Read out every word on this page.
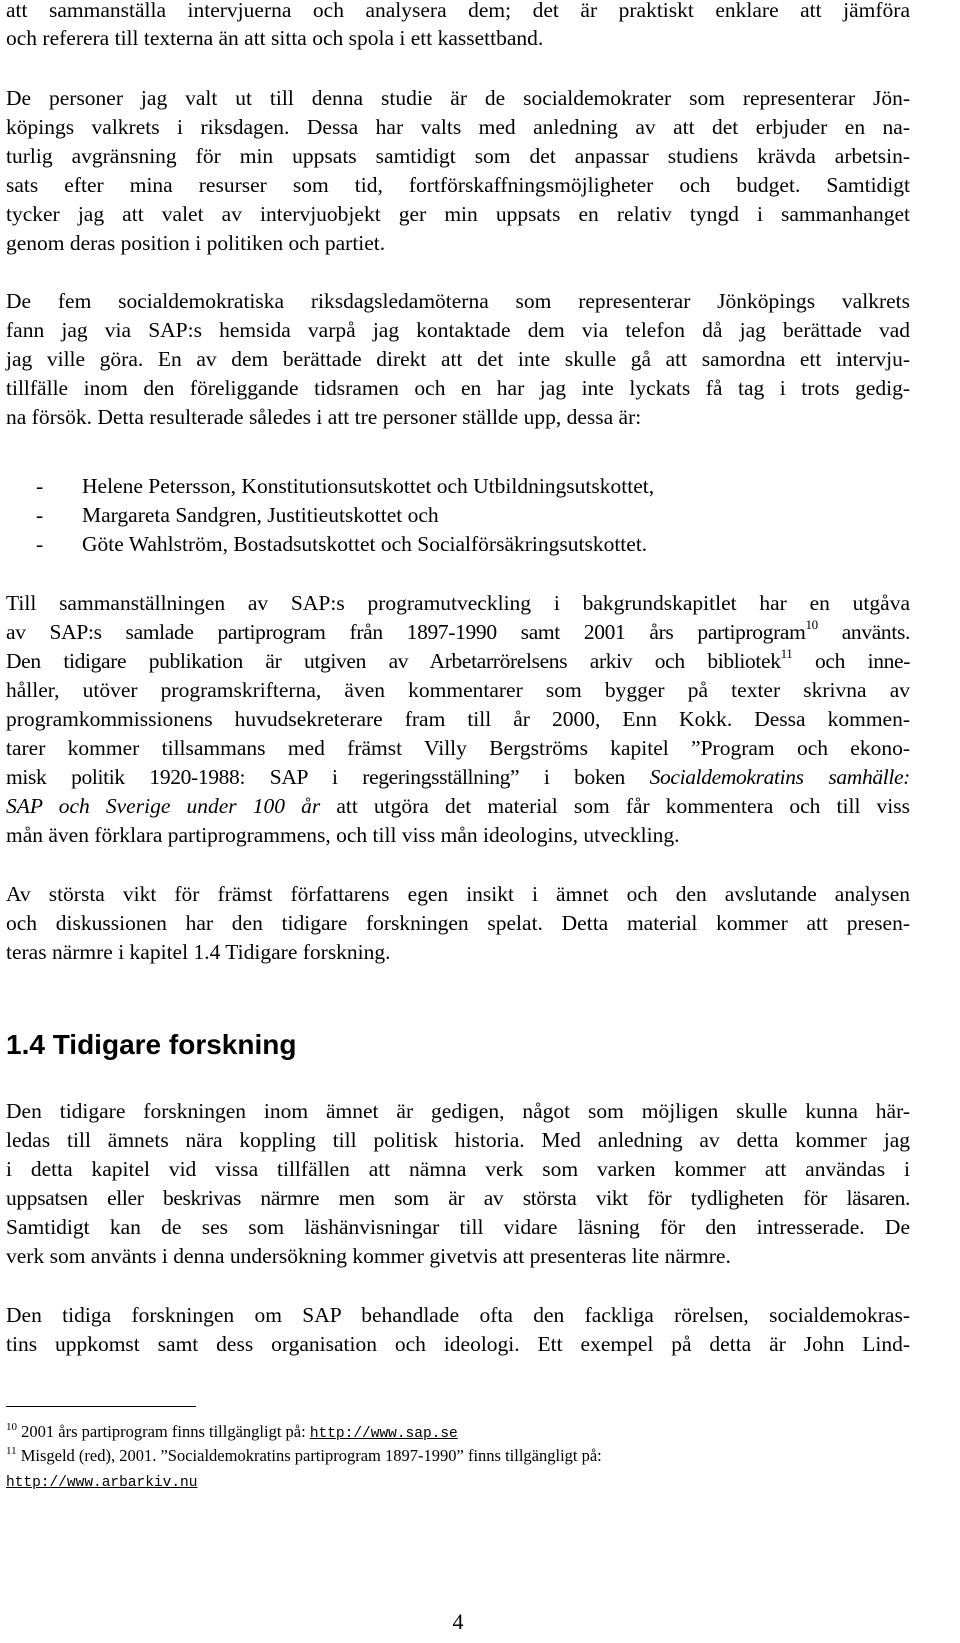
att sammanställa intervjuerna och analysera dem; det är praktiskt enklare att jämföra
och referera till texterna än att sitta och spola i ett kassettband.
De personer jag valt ut till denna studie är de socialdemokrater som representerar Jön-
köpings valkrets i riksdagen. Dessa har valts med anledning av att det erbjuder en na-
turlig avgränsning för min uppsats samtidigt som det anpassar studiens krävda arbetsin-
sats efter mina resurser som tid, fortförskaffningsmöjligheter och budget. Samtidigt
tycker jag att valet av intervjuobjekt ger min uppsats en relativ tyngd i sammanhanget
genom deras position i politiken och partiet.
De fem socialdemokratiska riksdagsledamöterna som representerar Jönköpings valkrets
fann jag via SAP:s hemsida varpå jag kontaktade dem via telefon då jag berättade vad
jag ville göra. En av dem berättade direkt att det inte skulle gå att samordna ett intervju-
tillfälle inom den föreliggande tidsramen och en har jag inte lyckats få tag i trots gedig-
na försök. Detta resulterade således i att tre personer ställde upp, dessa är:
- Helene Petersson, Konstitutionsutskottet och Utbildningsutskottet,
- Margareta Sandgren, Justitieutskottet och
- Göte Wahlström, Bostadsutskottet och Socialförsäkringsutskottet.
Till sammanställningen av SAP:s programutveckling i bakgrundskapitlet har en utgåva
av SAP:s samlade partiprogram från 1897-1990 samt 2001 års partiprogram$^{10}$ använts.
Den tidigare publikation är utgiven av Arbetarrörelsens arkiv och bibliotek$^{11}$ och inne-
håller, utöver programskrifterna, även kommentarer som bygger på texter skrivna av
programkommissionens huvudsekreterare fram till år 2000, Enn Kokk. Dessa kommen-
tarer kommer tillsammans med främst Villy Bergströms kapitel ”Program och ekono-
misk politik 1920-1988: SAP i regeringsställning” i boken Socialdemokratins samhälle:
SAP och Sverige under 100 år att utgöra det material som får kommentera och till viss
mån även förklara partiprogrammens, och till viss mån ideologins, utveckling.
Av största vikt för främst författarens egen insikt i ämnet och den avslutande analysen
och diskussionen har den tidigare forskningen spelat. Detta material kommer att presen-
teras närmre i kapitel 1.4 Tidigare forskning.
1.4 Tidigare forskning
Den tidigare forskningen inom ämnet är gedigen, något som möjligen skulle kunna här-
ledas till ämnets nära koppling till politisk historia. Med anledning av detta kommer jag
i detta kapitel vid vissa tillfällen att nämna verk som varken kommer att användas i
uppsatsen eller beskrivas närmre men som är av största vikt för tydligheten för läsaren.
Samtidigt kan de ses som läshänvisningar till vidare läsning för den intresserade. De
verk som använts i denna undersökning kommer givetvis att presenteras lite närmre.
Den tidiga forskningen om SAP behandlade ofta den fackliga rörelsen, socialdemokras-
tins uppkomst samt dess organisation och ideologi. Ett exempel på detta är John Lind-
$^{10}$ 2001 års partiprogram finns tillgängligt på: http://www.sap.se
$^{11}$ Misgeld (red), 2001. ”Socialdemokratins partiprogram 1897-1990” finns tillgängligt på:
http://www.arbarkiv.nu
4
